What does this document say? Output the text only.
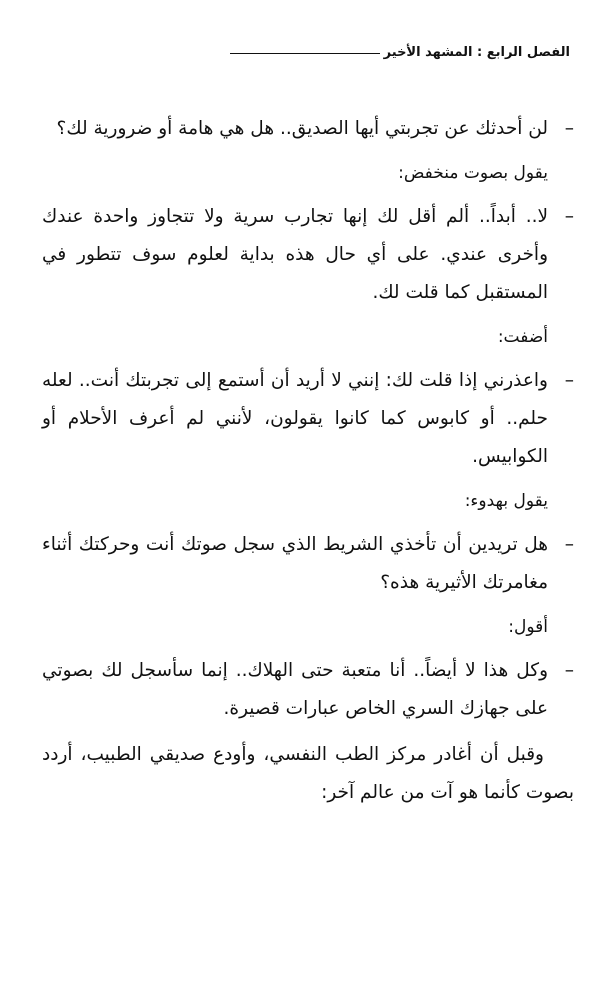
الفصل الرابع : المشهد الأخير

–
لن أحدثك عن تجربتي أيها الصديق.. هل هي هامة أو ضرورية لك؟

يقول بصوت منخفض:

–
لا.. أبداً.. ألم أقل لك إنها تجارب سرية ولا تتجاوز واحدة عندك وأخرى عندي. على أي حال هذه بداية لعلوم سوف تتطور في المستقبل كما قلت لك.

أضفت:

–
واعذرني إذا قلت لك: إنني لا أريد أن أستمع إلى تجربتك أنت.. لعله حلم.. أو كابوس كما كانوا يقولون، لأنني لم أعرف الأحلام أو الكوابيس.

يقول بهدوء:

–
هل تريدين أن تأخذي الشريط الذي سجل صوتك أنت وحركتك أثناء مغامرتك الأثيرية هذه؟

أقول:

–
وكل هذا لا أيضاً.. أنا متعبة حتى الهلاك.. إنما سأسجل لك بصوتي على جهازك السري الخاص عبارات قصيرة.

وقبل أن أغادر مركز الطب النفسي، وأودع صديقي الطبيب، أردد بصوت كأنما هو آت من عالم آخر:
